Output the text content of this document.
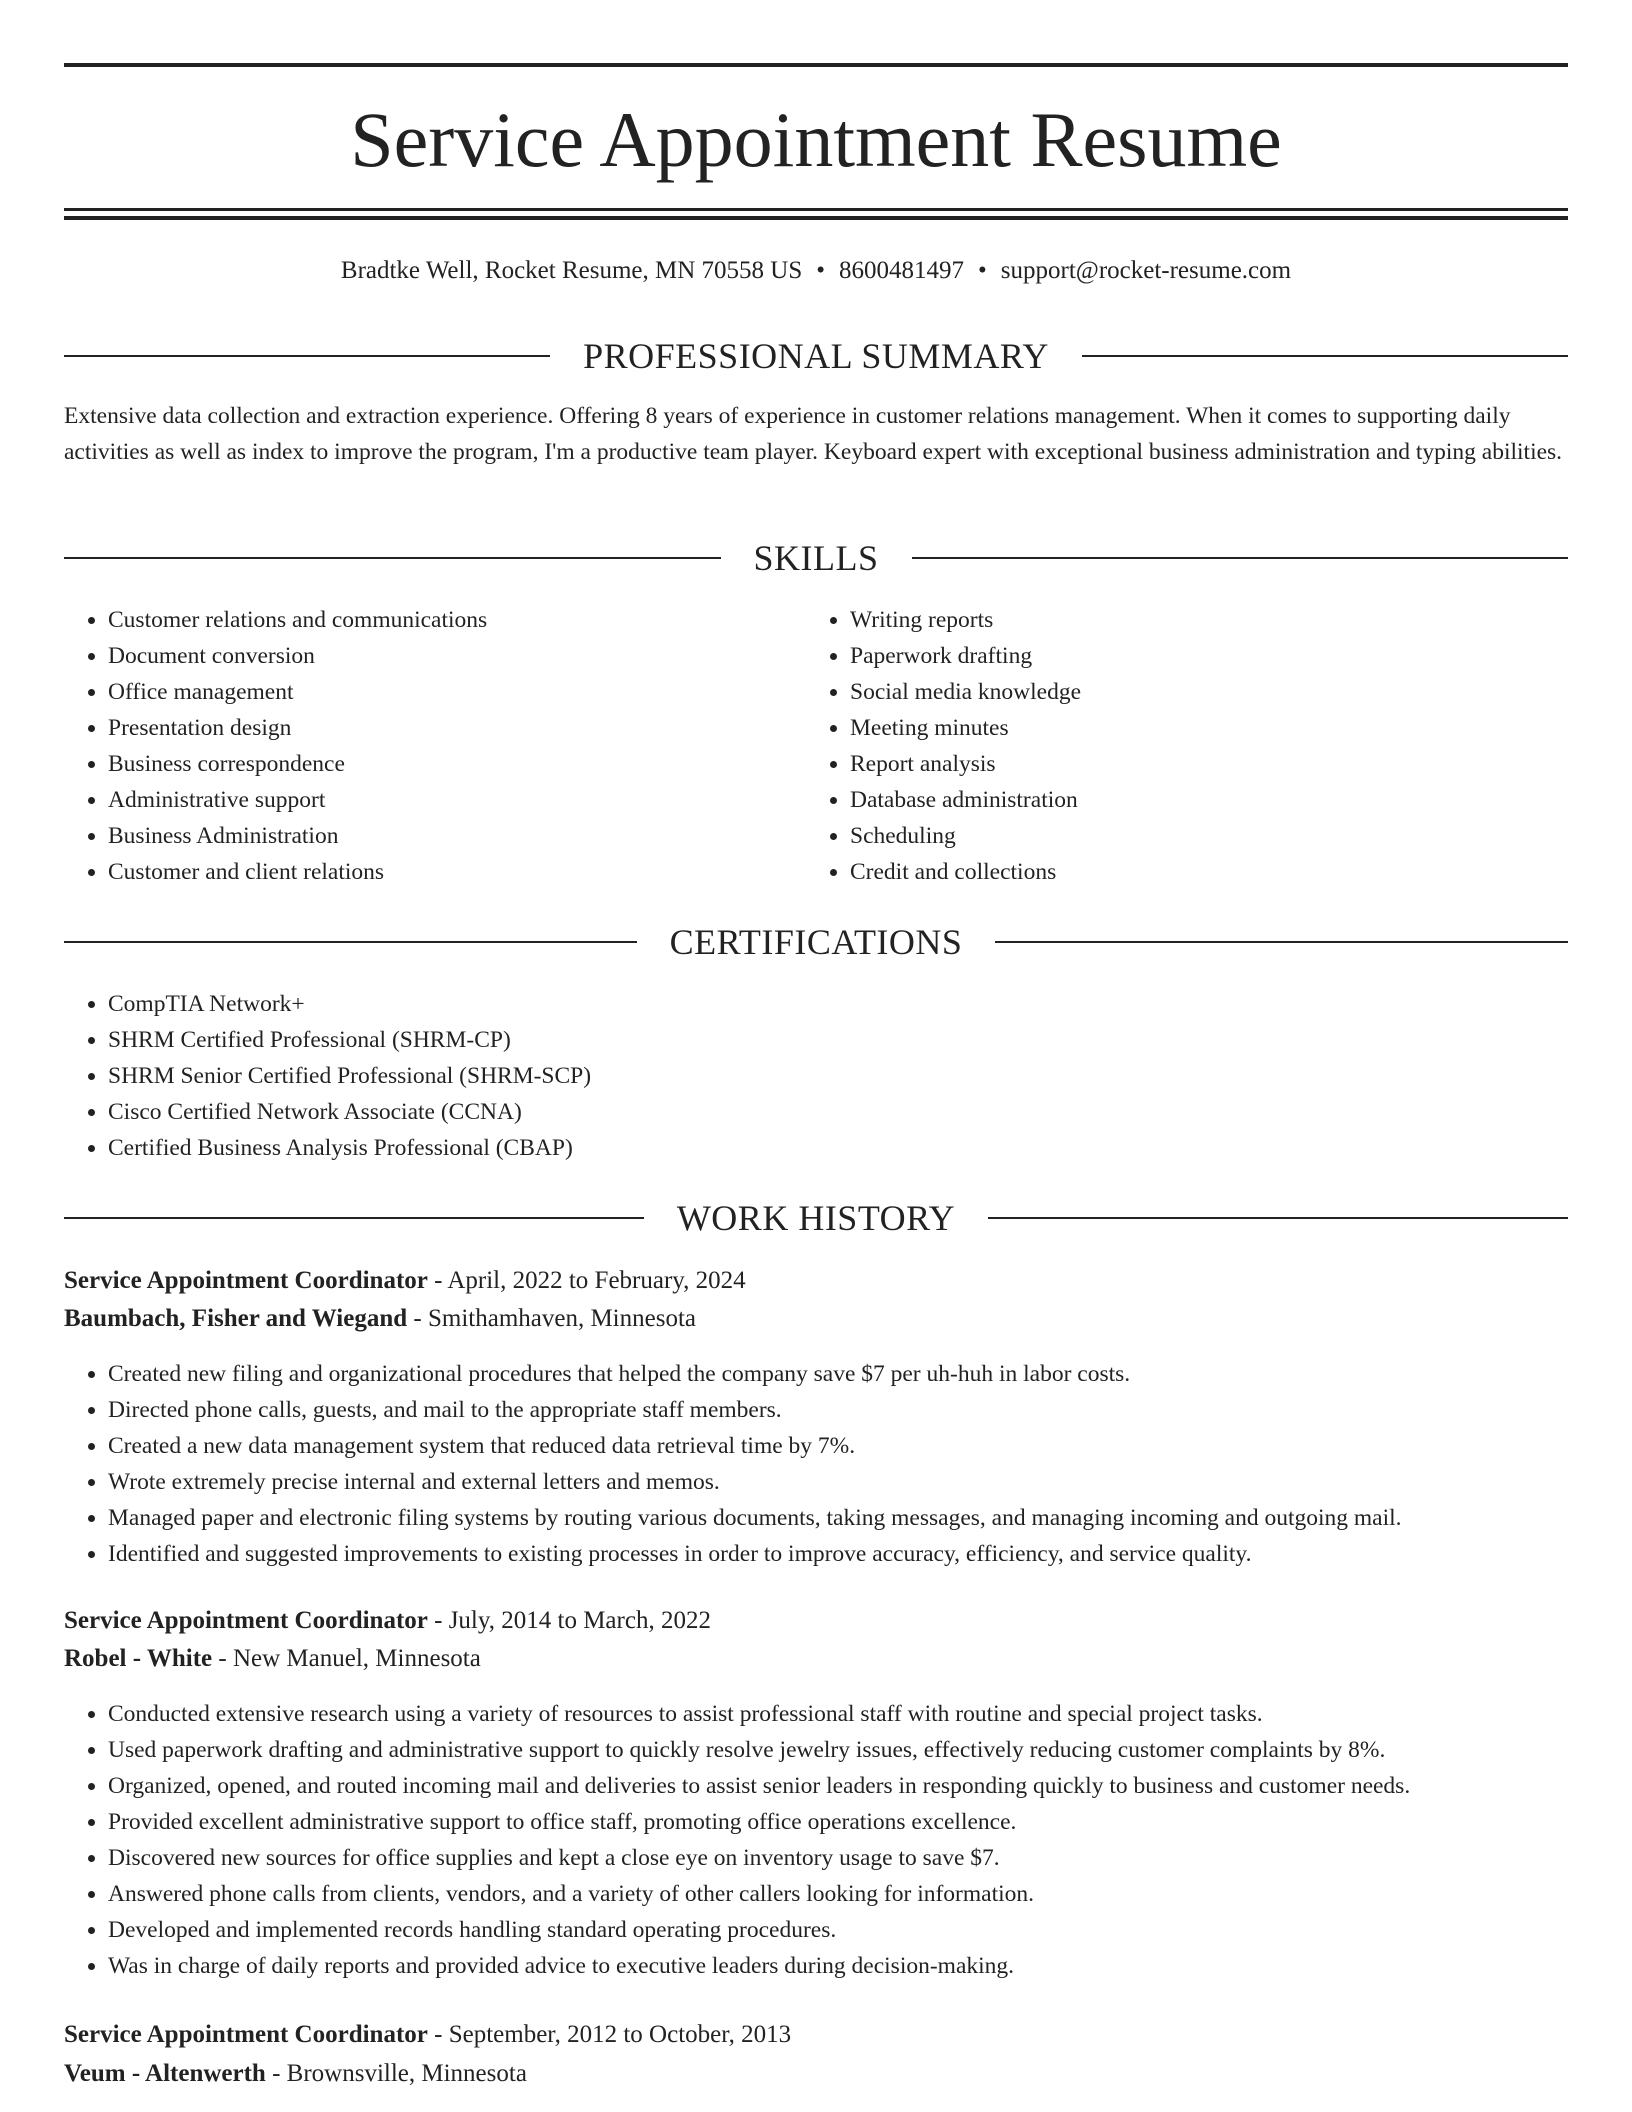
Service Appointment Resume
Bradtke Well, Rocket Resume, MN 70558 US • 8600481497 • support@rocket-resume.com
PROFESSIONAL SUMMARY

Extensive data collection and extraction experience. Offering 8 years of experience in customer relations management. When it comes to supporting daily activities as well as index to improve the program, I'm a productive team player. Keyboard expert with exceptional business administration and typing abilities.

SKILLS
• Customer relations and communications
• Document conversion
• Office management
• Presentation design
• Business correspondence
• Administrative support
• Business Administration
• Customer and client relations
• Writing reports
• Paperwork drafting
• Social media knowledge
• Meeting minutes
• Report analysis
• Database administration
• Scheduling
• Credit and collections
CERTIFICATIONS
• CompTIA Network+
• SHRM Certified Professional (SHRM-CP)
• SHRM Senior Certified Professional (SHRM-SCP)
• Cisco Certified Network Associate (CCNA)
• Certified Business Analysis Professional (CBAP)
WORK HISTORY
Service Appointment Coordinator - April, 2022 to February, 2024
Baumbach, Fisher and Wiegand - Smithamhaven, Minnesota
• Created new filing and organizational procedures that helped the company save $7 per uh-huh in labor costs.
• Directed phone calls, guests, and mail to the appropriate staff members.
• Created a new data management system that reduced data retrieval time by 7%.
• Wrote extremely precise internal and external letters and memos.
• Managed paper and electronic filing systems by routing various documents, taking messages, and managing incoming and outgoing mail.
• Identified and suggested improvements to existing processes in order to improve accuracy, efficiency, and service quality.
Service Appointment Coordinator - July, 2014 to March, 2022
Robel - White - New Manuel, Minnesota
• Conducted extensive research using a variety of resources to assist professional staff with routine and special project tasks.
• Used paperwork drafting and administrative support to quickly resolve jewelry issues, effectively reducing customer complaints by 8%.
• Organized, opened, and routed incoming mail and deliveries to assist senior leaders in responding quickly to business and customer needs.
• Provided excellent administrative support to office staff, promoting office operations excellence.
• Discovered new sources for office supplies and kept a close eye on inventory usage to save $7.
• Answered phone calls from clients, vendors, and a variety of other callers looking for information.
• Developed and implemented records handling standard operating procedures.
• Was in charge of daily reports and provided advice to executive leaders during decision-making.
Service Appointment Coordinator - September, 2012 to October, 2013
Veum - Altenwerth - Brownsville, Minnesota
